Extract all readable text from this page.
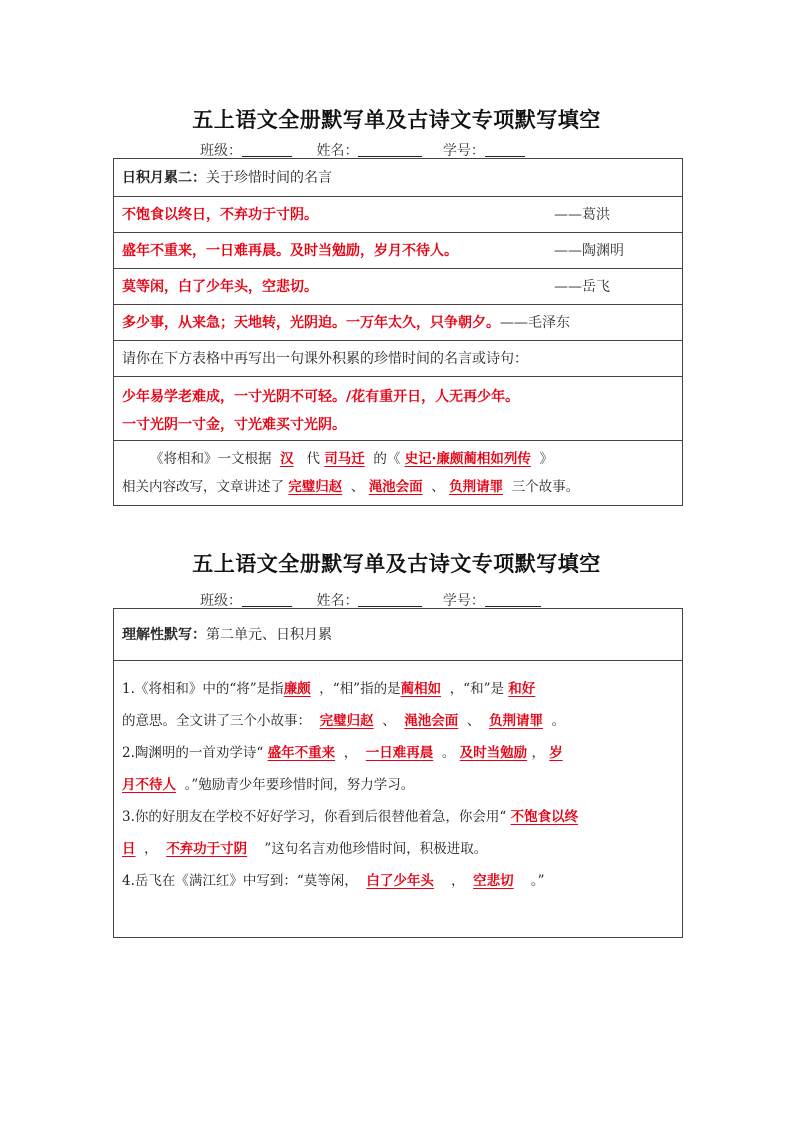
五上语文全册默写单及古诗文专项默写填空
班级：	姓名：	学号：
日积月累二：关于珍惜时间的名言
不饱食以终日，不弃功于寸阴。	——葛洪
盛年不重来，一日难再晨。及时当勉励，岁月不待人。	——陶渊明
莫等闲，白了少年头，空悲切。	——岳飞
多少事，从来急；天地转，光阴迫。一万年太久，只争朝夕。——毛泽东
请你在下方表格中再写出一句课外积累的珍惜时间的名言或诗句：
少年易学老难成，一寸光阴不可轻。/花有重开日，人无再少年。
一寸光阴一寸金，寸光难买寸光阴。
《将相和》一文根据 汉 代 司马迁 的《 史记·廉颇蔺相如列传 》
相关内容改写，文章讲述了 完璧归赵 、 渑池会面 、 负荆请罪 三个故事。
五上语文全册默写单及古诗文专项默写填空
班级：	姓名：	学号：
理解性默写：第二单元、日积月累
1.《将相和》中的“将”是指廉颇 ，“相”指的是蔺相如 ，“和”是 和好
的意思。全文讲了三个小故事： 完璧归赵 、 渑池会面 、 负荆请罪 。
2.陶渊明的一首劝学诗“ 盛年不重来 ， 一日难再晨 。 及时当勉励 ， 岁
月不待人 。”勉励青少年要珍惜时间，努力学习。
3.你的好朋友在学校不好好学习，你看到后很替他着急，你会用“ 不饱食以终
日 ， 不弃功于寸阴 ”这句名言劝他珍惜时间，积极进取。
4.岳飞在《满江红》中写到：“莫等闲， 白了少年头 ， 空悲切 。”
